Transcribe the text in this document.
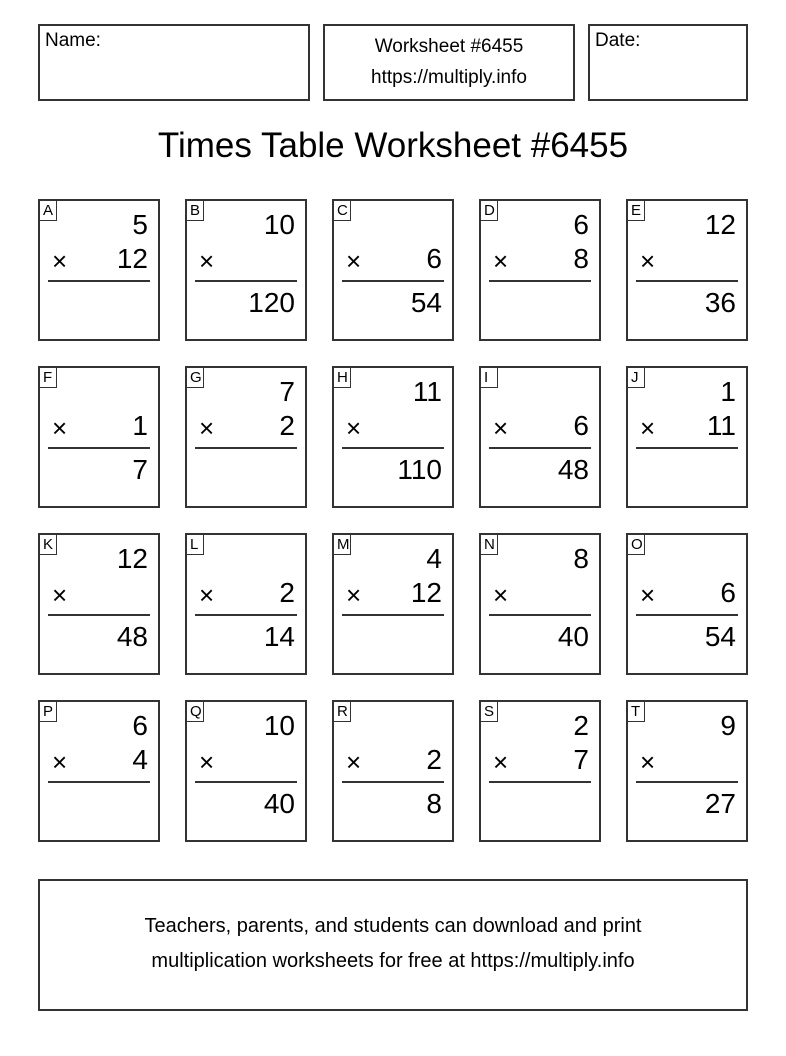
Name:	Worksheet #6455
https://multiply.info
Date:
Times Table Worksheet #6455
A	5
× 12
B 10
×
120
C
× 6
54
D	6
× 8
E 12
×
36
F
× 1
7
G	7
× 2
H 11
×
110
I
× 6
48
J	1
× 11
K 12
×
48
L
× 2
14
M	4
× 12
N	8
×
40
O
× 6
54
P	6
× 4
Q 10
×
40
R
× 2
8
S	2
× 7
T	9
×
27
Teachers, parents, and students can download and print
multiplication worksheets for free at https://multiply.info
